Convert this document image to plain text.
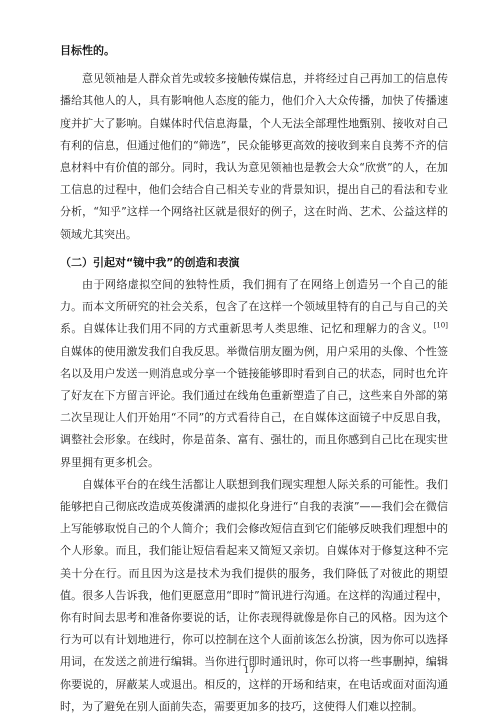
目标性的。

意见领袖是人群众首先或较多接触传媒信息，并将经过自己再加工的信息传播给其他人的人，具有影响他人态度的能力，他们介入大众传播，加快了传播速度并扩大了影响。自媒体时代信息海量，个人无法全部理性地甄别、接收对自己有利的信息，但通过他们的“筛选”，民众能够更高效的接收到来自良莠不齐的信息材料中有价值的部分。同时，我认为意见领袖也是教会大众“欣赏”的人，在加工信息的过程中，他们会结合自己相关专业的背景知识，提出自己的看法和专业分析，“知乎”这样一个网络社区就是很好的例子，这在时尚、艺术、公益这样的领域尤其突出。

（二）引起对“镜中我”的创造和表演

由于网络虚拟空间的独特性质，我们拥有了在网络上创造另一个自己的能力。而本文所研究的社会关系，包含了在这样一个领域里特有的自己与自己的关系。自媒体让我们用不同的方式重新思考人类思维、记忆和理解力的含义。[10]自媒体的使用激发我们自我反思。举微信朋友圈为例，用户采用的头像、个性签名以及用户发送一则消息或分享一个链接能够即时看到自己的状态，同时也允许了好友在下方留言评论。我们通过在线角色重新塑造了自己，这些来自外部的第二次呈现让人们开始用“不同”的方式看待自己，在自媒体这面镜子中反思自我，调整社会形象。在线时，你是苗条、富有、强壮的，而且你感到自己比在现实世界里拥有更多机会。

自媒体平台的在线生活都让人联想到我们现实理想人际关系的可能性。我们能够把自己彻底改造成英俊潇洒的虚拟化身进行“自我的表演”——我们会在微信上写能够取悦自己的个人简介；我们会修改短信直到它们能够反映我们理想中的个人形象。而且，我们能让短信看起来又简短又亲切。自媒体对于修复这种不完美十分在行。而且因为这是技术为我们提供的服务，我们降低了对彼此的期望值。很多人告诉我，他们更愿意用“即时”简讯进行沟通。在这样的沟通过程中，你有时间去思考和准备你要说的话，让你表现得就像是你自己的风格。因为这个行为可以有计划地进行，你可以控制在这个人面前该怎么扮演，因为你可以选择用词，在发送之前进行编辑。当你进行即时通讯时，你可以将一些事删掉，编辑你要说的，屏蔽某人或退出。相反的，这样的开场和结束，在电话或面对面沟通时，为了避免在别人面前失态，需要更加多的技巧，这使得人们难以控制。

17
